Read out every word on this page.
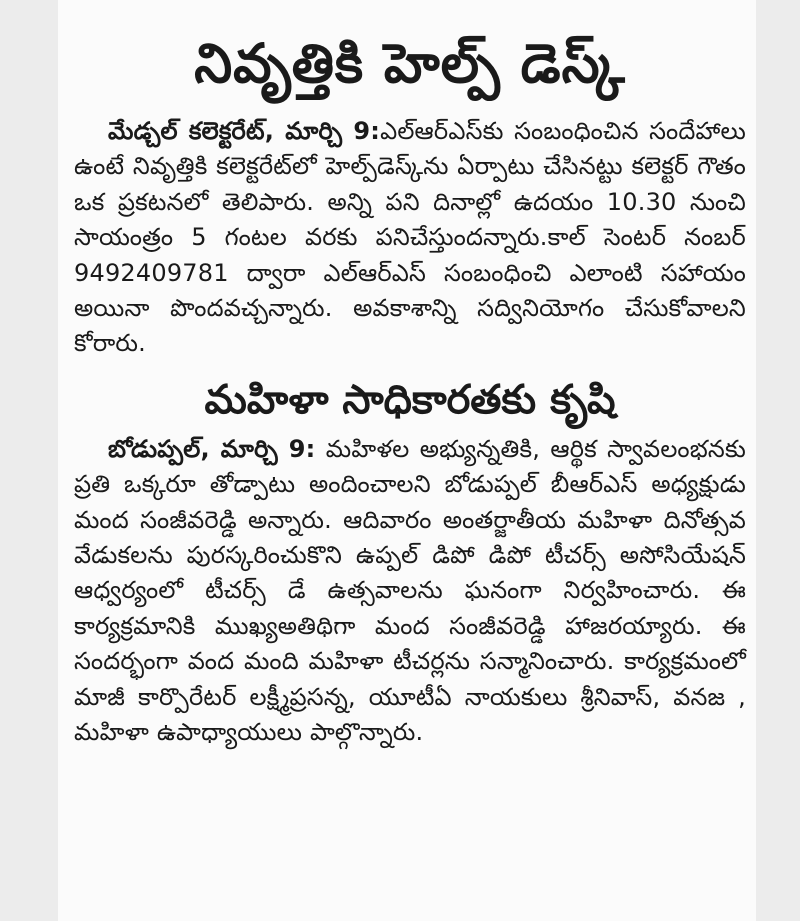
నివృత్తికి హెల్ప్ డెస్క్

మేడ్చల్ కలెక్టరేట్, మార్చి 9:ఎల్ఆర్ఎస్‌కు సంబంధించిన సందేహాలు ఉంటే నివృత్తికి కలెక్టరేట్‌లో హెల్ప్‌డెస్క్‌ను ఏర్పాటు చేసినట్టు కలెక్టర్ గౌతం ఒక ప్రకటనలో తెలిపారు. అన్ని పని దినాల్లో ఉదయం 10.30 నుంచి సాయంత్రం 5 గంటల వరకు పనిచేస్తుందన్నారు.కాల్ సెంటర్ నంబర్ 9492409781 ద్వారా ఎల్ఆర్ఎస్ సంబంధించి ఎలాంటి సహాయం అయినా పొందవచ్చన్నారు. అవకాశాన్ని సద్వినియోగం చేసుకోవాలని కోరారు.

మహిళా సాధికారతకు కృషి

బోడుప్పల్, మార్చి 9: మహిళల అభ్యున్నతికి, ఆర్థిక స్వావలంభనకు ప్రతి ఒక్కరూ తోడ్పాటు అందించాలని బోడుప్పల్ బీఆర్ఎస్ అధ్యక్షుడు మంద సంజీవరెడ్డి అన్నారు. ఆదివారం అంతర్జాతీయ మహిళా దినోత్సవ వేడుకలను పురస్కరించుకొని ఉప్పల్ డిపో డిపో టీచర్స్ అసోసియేషన్ ఆధ్వర్యంలో టీచర్స్ డే ఉత్సవాలను ఘనంగా నిర్వహించారు. ఈ కార్యక్రమానికి ముఖ్యఅతిథిగా మంద సంజీవరెడ్డి హాజరయ్యారు. ఈ సందర్భంగా వంద మంది మహిళా టీచర్లను సన్మానించారు. కార్యక్రమంలో మాజీ కార్పొరేటర్ లక్ష్మీప్రసన్న, యూటీఏ నాయకులు శ్రీనివాస్, వనజ , మహిళా ఉపాధ్యాయులు పాల్గొన్నారు.
